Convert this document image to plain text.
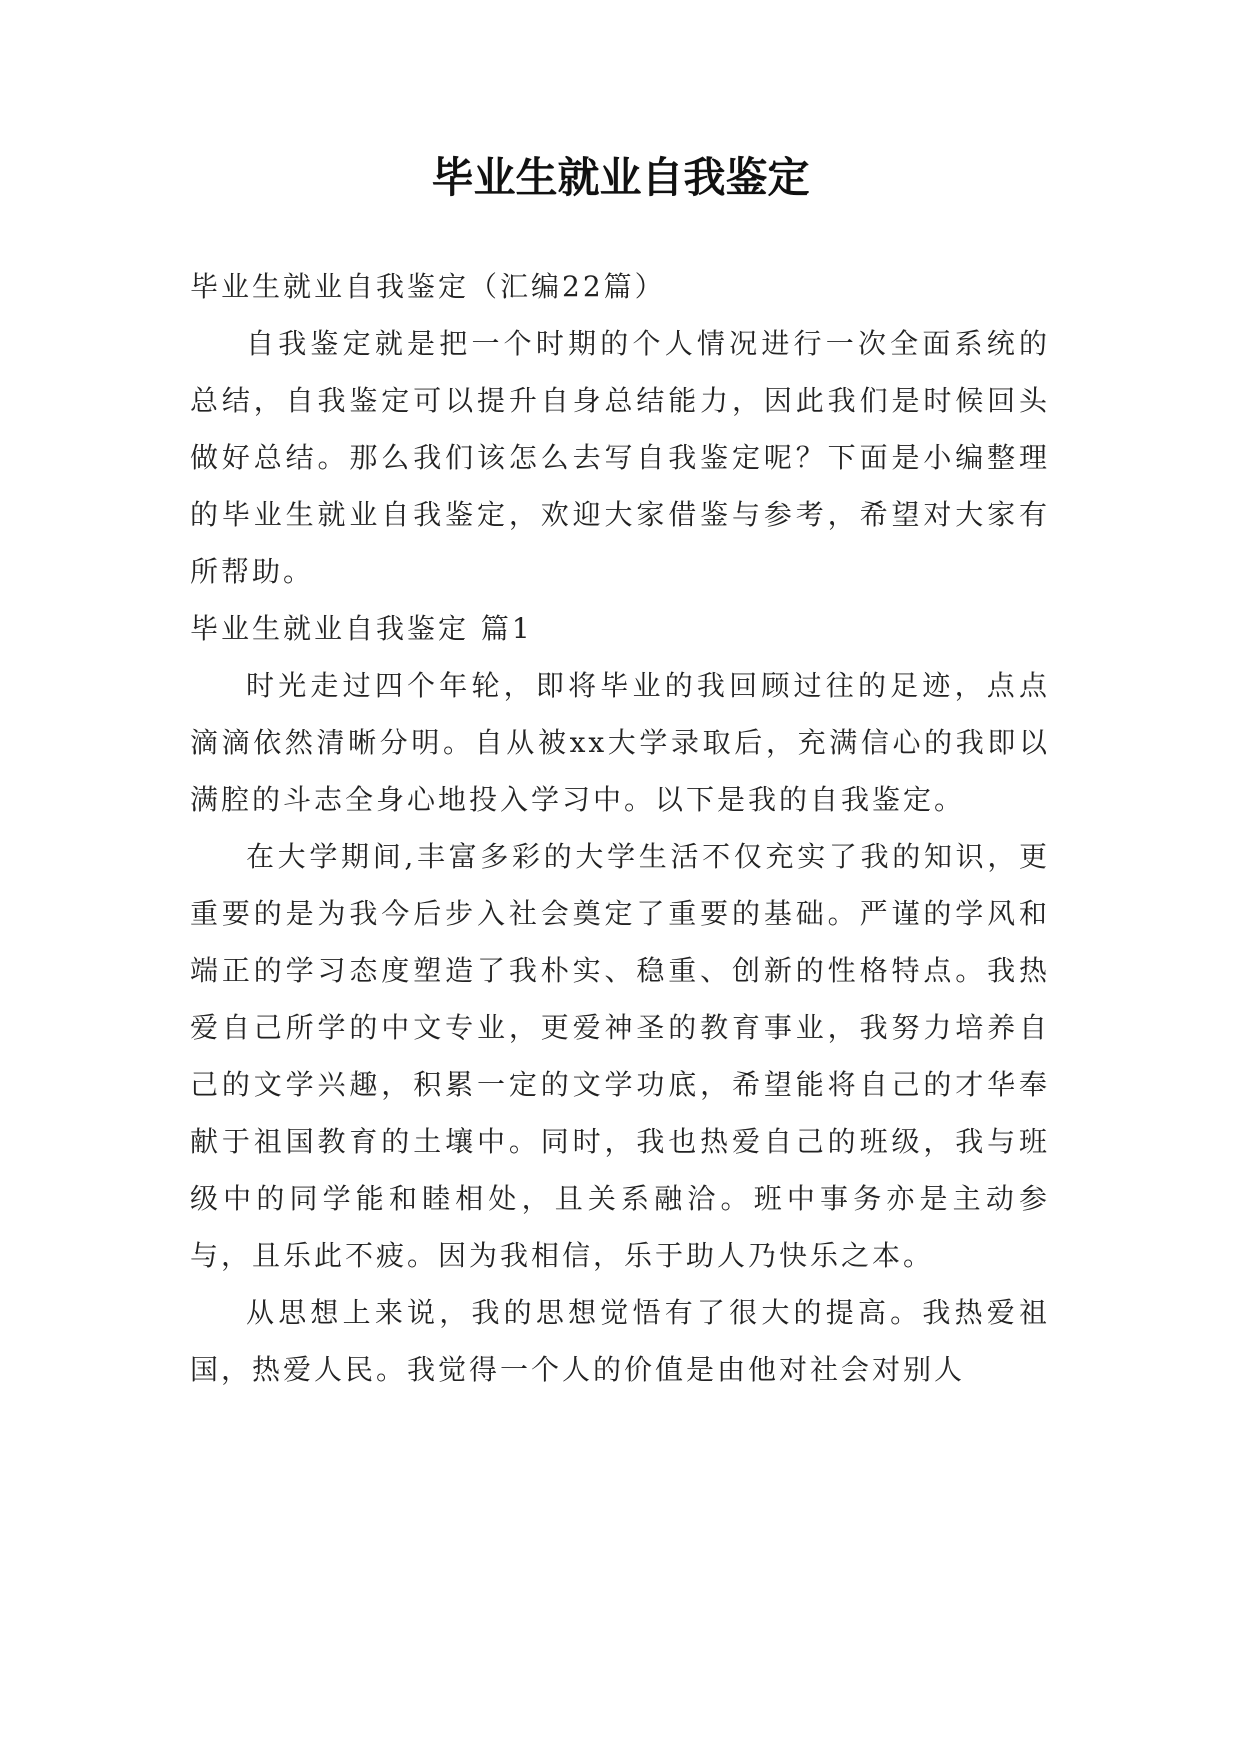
毕业生就业自我鉴定

毕业生就业自我鉴定（汇编22篇）

自我鉴定就是把一个时期的个人情况进行一次全面系统的总结，自我鉴定可以提升自身总结能力，因此我们是时候回头做好总结。那么我们该怎么去写自我鉴定呢？下面是小编整理的毕业生就业自我鉴定，欢迎大家借鉴与参考，希望对大家有所帮助。

毕业生就业自我鉴定 篇1

时光走过四个年轮，即将毕业的我回顾过往的足迹，点点滴滴依然清晰分明。自从被xx大学录取后，充满信心的我即以满腔的斗志全身心地投入学习中。以下是我的自我鉴定。

在大学期间,丰富多彩的大学生活不仅充实了我的知识，更重要的是为我今后步入社会奠定了重要的基础。严谨的学风和端正的学习态度塑造了我朴实、稳重、创新的性格特点。我热爱自己所学的中文专业，更爱神圣的教育事业，我努力培养自己的文学兴趣，积累一定的文学功底，希望能将自己的才华奉献于祖国教育的土壤中。同时，我也热爱自己的班级，我与班级中的同学能和睦相处，且关系融洽。班中事务亦是主动参与，且乐此不疲。因为我相信，乐于助人乃快乐之本。

从思想上来说，我的思想觉悟有了很大的提高。我热爱祖国，热爱人民。我觉得一个人的价值是由他对社会对别人
